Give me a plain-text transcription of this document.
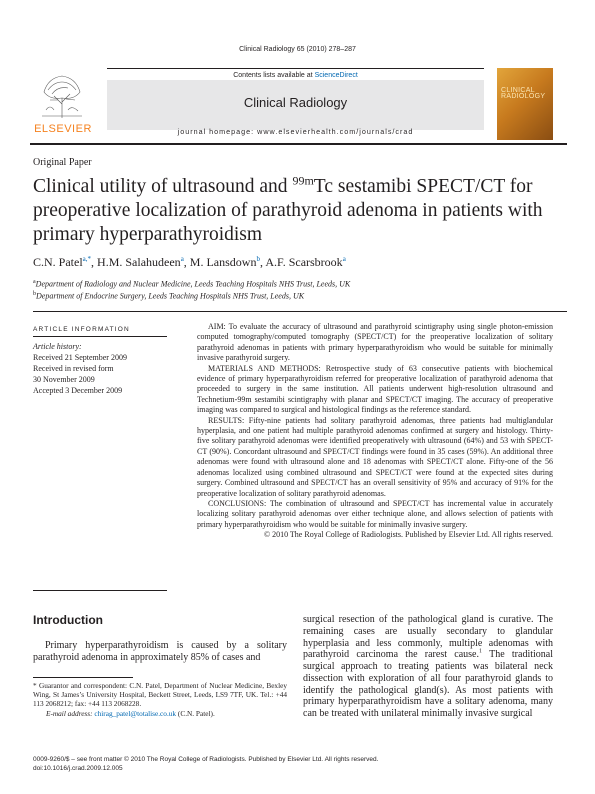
Clinical Radiology 65 (2010) 278–287
ELSEVIER
Contents lists available at ScienceDirect
Clinical Radiology
journal homepage: www.elsevierhealth.com/journals/crad
CLINICAL RADIOLOGY
Original Paper
Clinical utility of ultrasound and $^{99m}$Tc sestamibi SPECT/CT for preoperative localization of parathyroid adenoma in patients with primary hyperparathyroidism
C.N. Patel$^{a,*}$, H.M. Salahudeen$^a$, M. Lansdown$^b$, A.F. Scarsbrook$^a$
$^a$Department of Radiology and Nuclear Medicine, Leeds Teaching Hospitals NHS Trust, Leeds, UK
$^b$Department of Endocrine Surgery, Leeds Teaching Hospitals NHS Trust, Leeds, UK
ARTICLE INFORMATION
Article history:
Received 21 September 2009
Received in revised form
30 November 2009
Accepted 3 December 2009

AIM: To evaluate the accuracy of ultrasound and parathyroid scintigraphy using single photon-emission computed tomography/computed tomography (SPECT/CT) for the preoperative localization of solitary parathyroid adenomas in patients with primary hyperparathyroidism who would be suitable for minimally invasive parathyroid surgery.

MATERIALS AND METHODS: Retrospective study of 63 consecutive patients with biochemical evidence of primary hyperparathyroidism referred for preoperative localization of parathyroid adenoma that proceeded to surgery in the same institution. All patients underwent high-resolution ultrasound and Technetium-99m sestamibi scintigraphy with planar and SPECT/CT imaging. The accuracy of preoperative imaging was compared to surgical and histological findings as the reference standard.

RESULTS: Fifty-nine patients had solitary parathyroid adenomas, three patients had multiglandular hyperplasia, and one patient had multiple parathyroid adenomas confirmed at surgery and histology. Thirty-five solitary parathyroid adenomas were identified preoperatively with ultrasound (64%) and 53 with SPECT-CT (90%). Concordant ultrasound and SPECT/CT findings were found in 35 cases (59%). An additional three adenomas were found with ultrasound alone and 18 adenomas with SPECT/CT alone. Fifty-one of the 56 adenomas localized using combined ultrasound and SPECT/CT were found at the expected sites during surgery. Combined ultrasound and SPECT/CT has an overall sensitivity of 95% and accuracy of 91% for the preoperative localization of solitary parathyroid adenomas.

CONCLUSIONS: The combination of ultrasound and SPECT/CT has incremental value in accurately localizing solitary parathyroid adenomas over either technique alone, and allows selection of patients with primary hyperparathyroidism who would be suitable for minimally invasive surgery.

© 2010 The Royal College of Radiologists. Published by Elsevier Ltd. All rights reserved.

Introduction

Primary hyperparathyroidism is caused by a solitary parathyroid adenoma in approximately 85% of cases and

surgical resection of the pathological gland is curative. The remaining cases are usually secondary to glandular hyperplasia and less commonly, multiple adenomas with parathyroid carcinoma the rarest cause.$^1$ The traditional surgical approach to treating patients was bilateral neck dissection with exploration of all four parathyroid glands to identify the pathological gland(s). As most patients with primary hyperparathyroidism have a solitary adenoma, many can be treated with unilateral minimally invasive surgical

* Guarantor and correspondent: C.N. Patel, Department of Nuclear Medicine, Bexley Wing, St James’s University Hospital, Beckett Street, Leeds, LS9 7TF, UK. Tel.: +44 113 2068212; fax: +44 113 2068228.

E-mail address: chirag_patel@totalise.co.uk (C.N. Patel).
0009-9260/$ – see front matter © 2010 The Royal College of Radiologists. Published by Elsevier Ltd. All rights reserved.
doi:10.1016/j.crad.2009.12.005
